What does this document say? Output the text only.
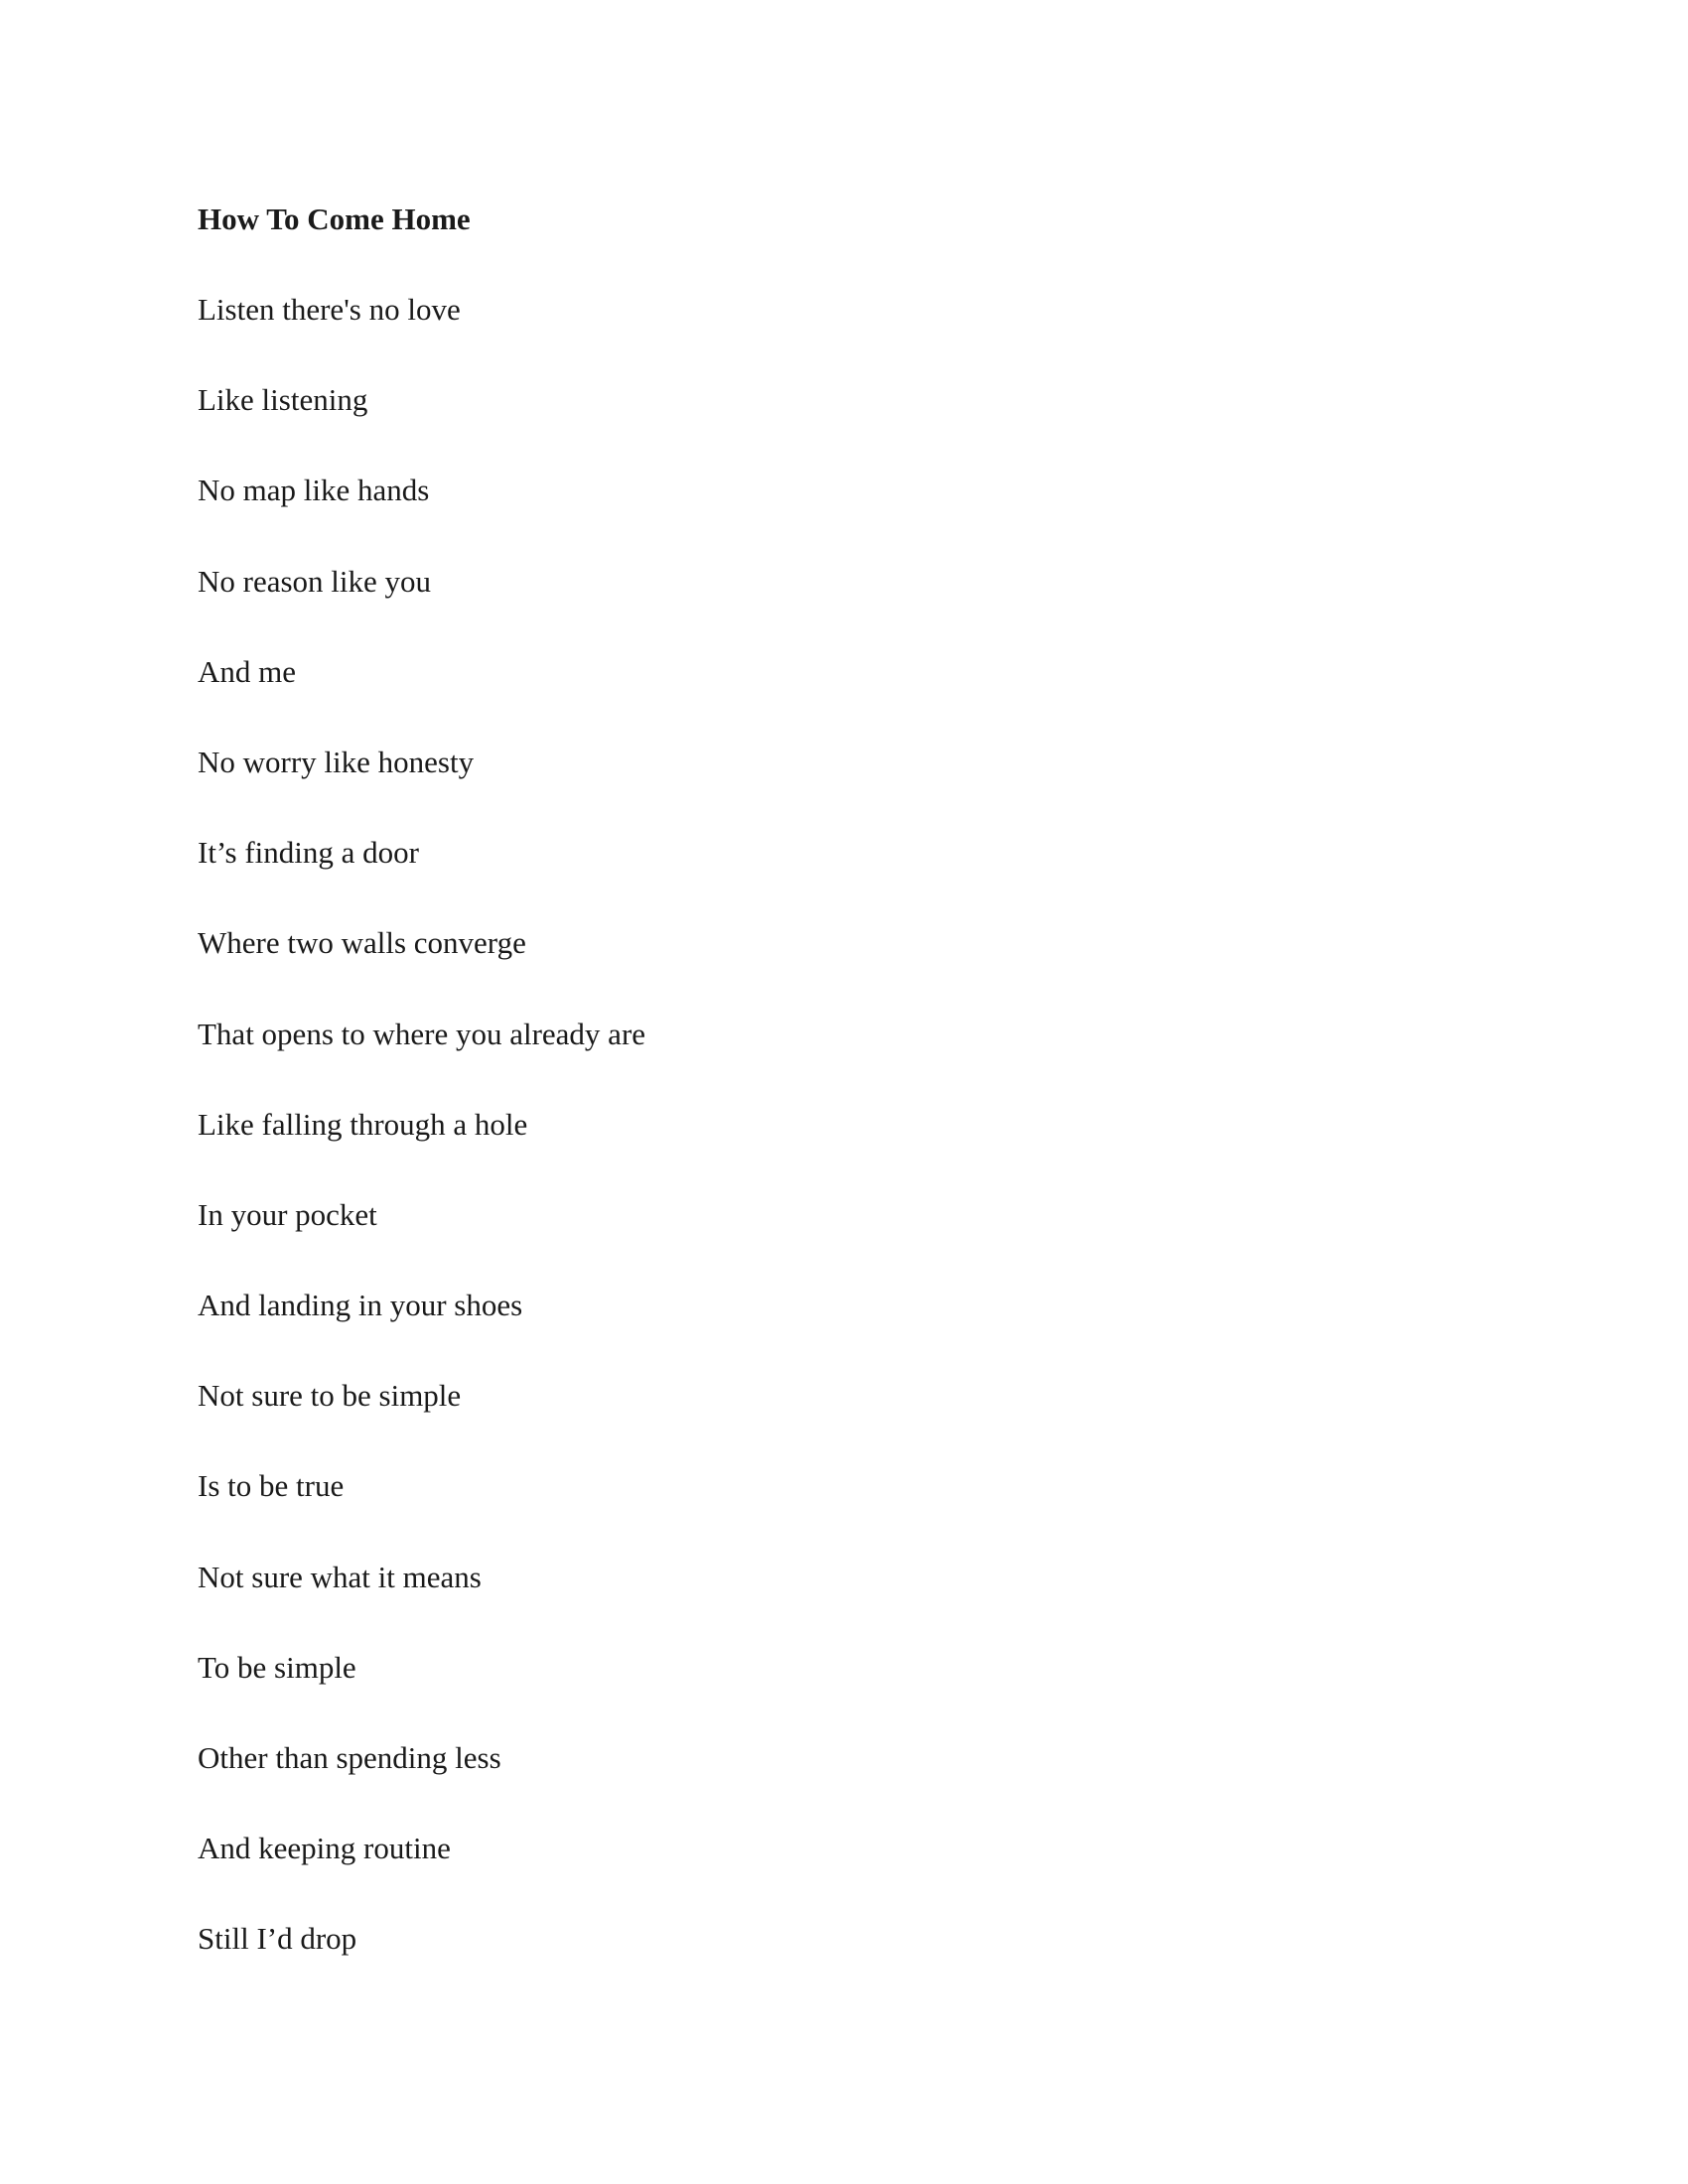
How To Come Home
Listen there's no love
Like listening
No map like hands
No reason like you
And me
No worry like honesty
It’s finding a door
Where two walls converge
That opens to where you already are
Like falling through a hole
In your pocket
And landing in your shoes
Not sure to be simple
Is to be true
Not sure what it means
To be simple
Other than spending less
And keeping routine
Still I’d drop
